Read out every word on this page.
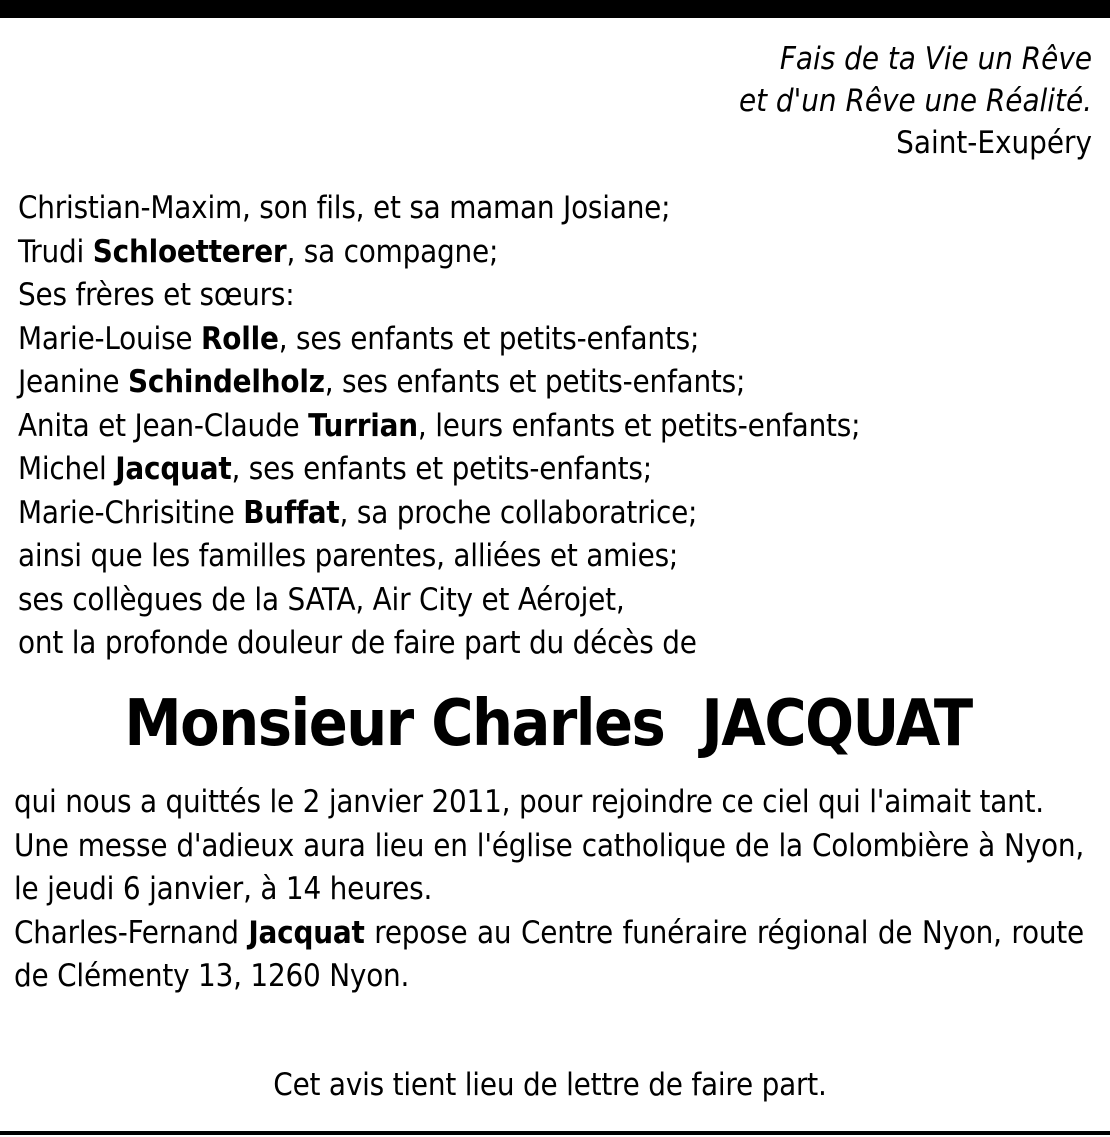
Fais de ta Vie un Rêve
et d'un Rêve une Réalité.
Saint-Exupéry
Christian-Maxim, son fils, et sa maman Josiane;
Trudi Schloetterer, sa compagne;
Ses frères et sœurs:
Marie-Louise Rolle, ses enfants et petits-enfants;
Jeanine Schindelholz, ses enfants et petits-enfants;
Anita et Jean-Claude Turrian, leurs enfants et petits-enfants;
Michel Jacquat, ses enfants et petits-enfants;
Marie-Chrisitine Buffat, sa proche collaboratrice;
ainsi que les familles parentes, alliées et amies;
ses collègues de la SATA, Air City et Aérojet,
ont la profonde douleur de faire part du décès de
Monsieur Charles  JACQUAT
qui nous a quittés le 2 janvier 2011, pour rejoindre ce ciel qui l'aimait tant.
Une messe d'adieux aura lieu en l'église catholique de la Colombière à Nyon, le jeudi 6 janvier, à 14 heures.
Charles-Fernand Jacquat repose au Centre funéraire régional de Nyon, route de Clémenty 13, 1260 Nyon.
Cet avis tient lieu de lettre de faire part.
